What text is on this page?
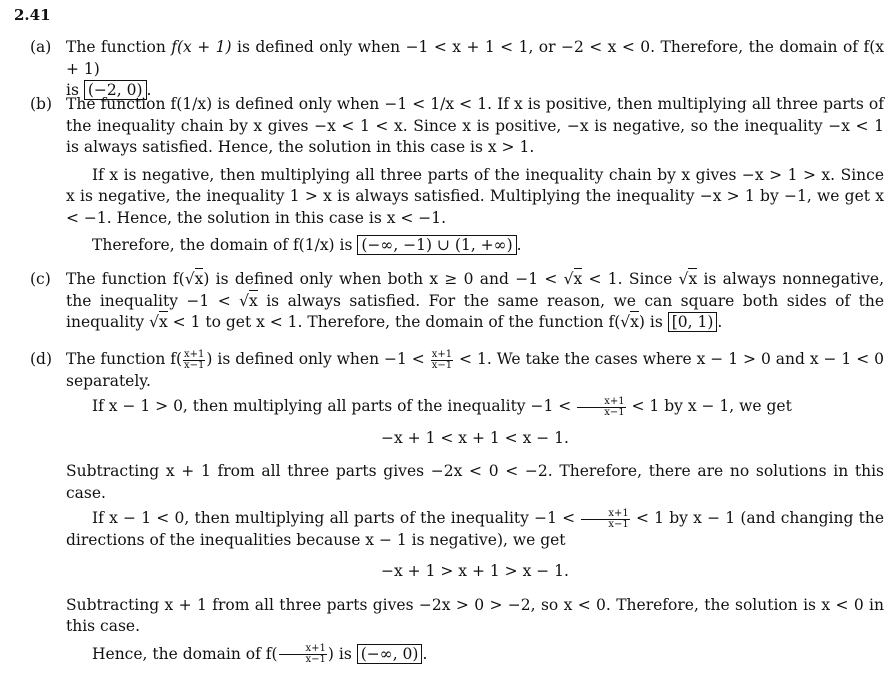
2.41
(a) The function f(x + 1) is defined only when −1 < x + 1 < 1, or −2 < x < 0. Therefore, the domain of f(x + 1)

is (−2, 0) .

(b) The function f(1/x) is defined only when −1 < 1/x < 1. If x is positive, then multiplying all three parts of the inequality chain by x gives −x < 1 < x. Since x is positive, −x is negative, so the inequality −x < 1 is always satisfied. Hence, the solution in this case is x > 1.

If x is negative, then multiplying all three parts of the inequality chain by x gives −x > 1 > x. Since x is negative, the inequality 1 > x is always satisfied. Multiplying the inequality −x > 1 by −1, we get x < −1. Hence, the solution in this case is x < −1.

Therefore, the domain of f(1/x) is (−∞, −1) ∪ (1, +∞) .

(c) The function f(√x) is defined only when both x ≥ 0 and −1 < √x < 1. Since √x is always nonnegative, the inequality −1 < √x is always satisfied. For the same reason, we can square both sides of the inequality √x < 1 to get x < 1. Therefore, the domain of the function f(√x) is [0, 1) .

(d) The function $f( \frac{x+1}{x-1}$ ) is defined only when $-1 < \frac{x+1}{x-1} < 1$. We take the cases where x − 1 > 0 and x − 1 < 0 separately.

If x − 1 > 0, then multiplying all parts of the inequality $-1 < \frac{x+1}{x-1} < 1$ by x − 1, we get

−x + 1 < x + 1 < x − 1.

Subtracting x + 1 from all three parts gives −2x < 0 < −2. Therefore, there are no solutions in this case.

If x − 1 < 0, then multiplying all parts of the inequality $-1 < \frac{x+1}{x-1} < 1$ by x − 1 (and changing the directions of the inequalities because x − 1 is negative), we get

−x + 1 > x + 1 > x − 1.

Subtracting x + 1 from all three parts gives −2x > 0 > −2, so x < 0. Therefore, the solution is x < 0 in this case.

Hence, the domain of $f( \frac{x+1}{x-1}$ ) is (−∞, 0) .
